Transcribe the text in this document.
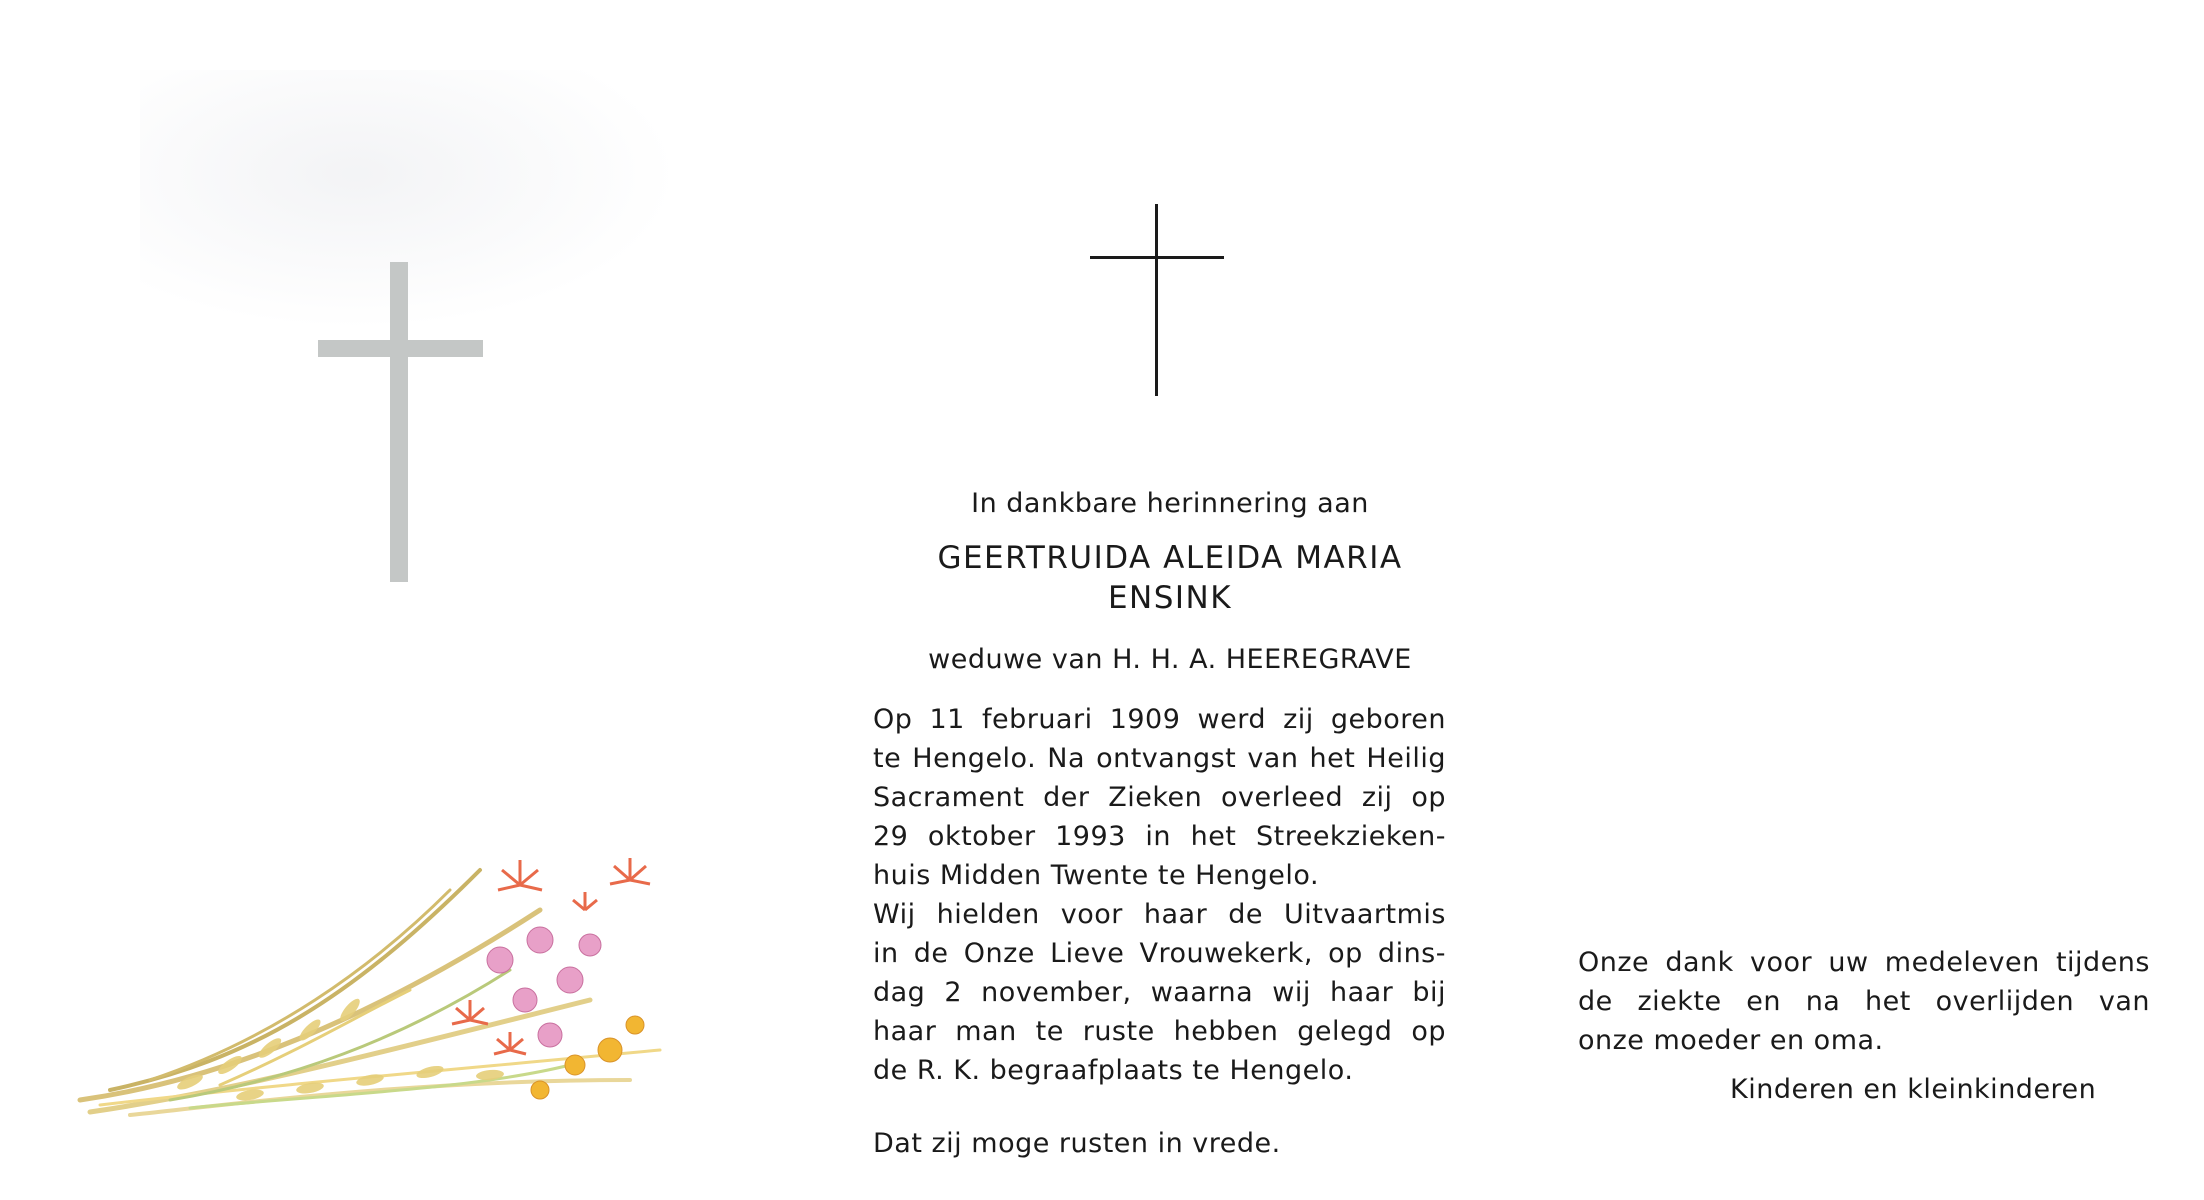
In dankbare herinnering aan

GEERTRUIDA ALEIDA MARIA
ENSINK

weduwe van H. H. A. HEEREGRAVE

Op 11 februari 1909 werd zij geboren

te Hengelo. Na ontvangst van het Heilig

Sacrament der Zieken overleed zij op

29 oktober 1993 in het Streekzieken-

huis Midden Twente te Hengelo.

Wij hielden voor haar de Uitvaartmis

in de Onze Lieve Vrouwekerk, op dins-

dag 2 november, waarna wij haar bij

haar man te ruste hebben gelegd op

de R. K. begraafplaats te Hengelo.

Dat zij moge rusten in vrede.

Onze dank voor uw medeleven tijdens

de ziekte en na het overlijden van

onze moeder en oma.

Kinderen en kleinkinderen
